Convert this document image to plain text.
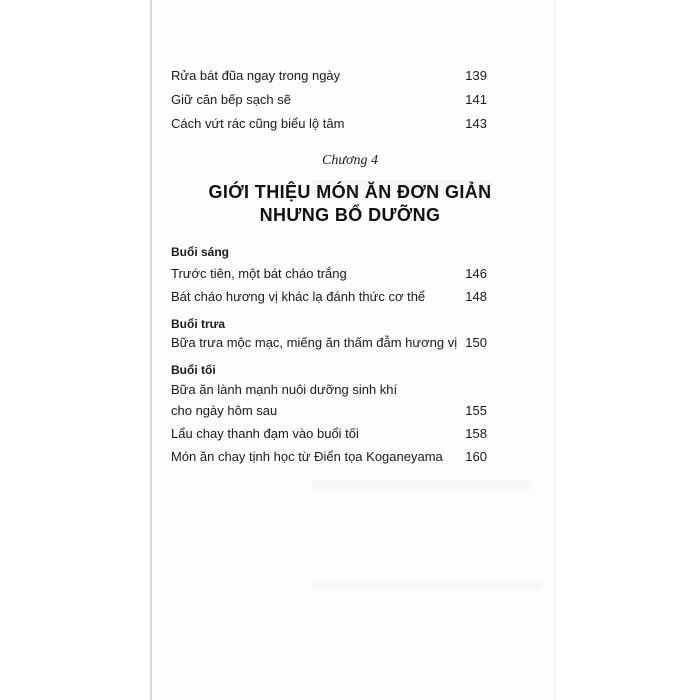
Rửa bát đũa ngay trong ngày	139
Giữ căn bếp sạch sẽ	141
Cách vứt rác cũng biểu lộ tâm	143
Chương 4
GIỚI THIỆU MÓN ĂN ĐƠN GIẢN
NHƯNG BỔ DƯỠNG
Buổi sáng
Trước tiên, một bát cháo trắng	146
Bát cháo hương vị khác lạ đánh thức cơ thể	148
Buổi trưa
Bữa trưa mộc mạc, miếng ăn thấm đẫm hương vị 150
Buổi tối
Bữa ăn lành mạnh nuôi dưỡng sinh khí
cho ngày hôm sau	155
Lẩu chay thanh đạm vào buổi tối	158
Món ăn chay tịnh học từ Điển tọa Koganeyama 160
